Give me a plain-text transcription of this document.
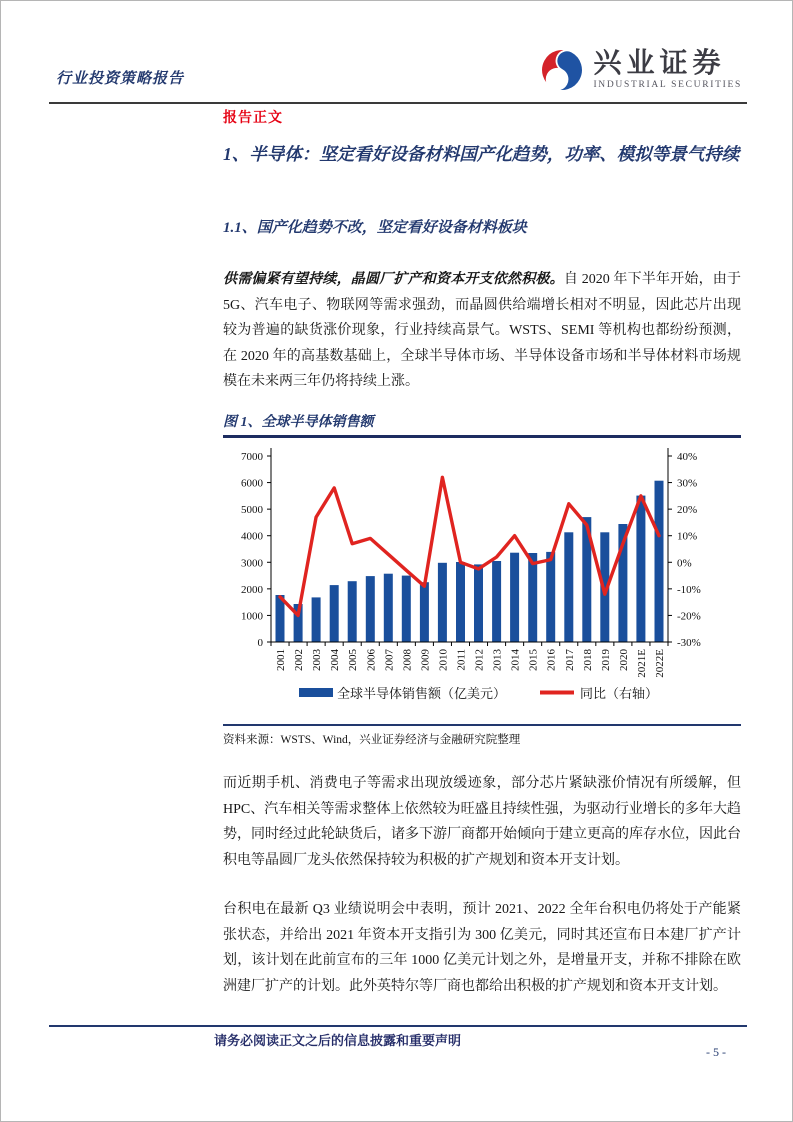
行业投资策略报告
兴业证券
INDUSTRIAL SECURITIES
报告正文
1、半导体：坚定看好设备材料国产化趋势，功率、模拟等景气持续
1.1、国产化趋势不改，坚定看好设备材料板块

供需偏紧有望持续，晶圆厂扩产和资本开支依然积极。自 2020 年下半年开始，由于 5G、汽车电子、物联网等需求强劲，而晶圆供给端增长相对不明显，因此芯片出现较为普遍的缺货涨价现象，行业持续高景气。WSTS、SEMI 等机构也都纷纷预测，在 2020 年的高基数基础上，全球半导体市场、半导体设备市场和半导体材料市场规模在未来两三年仍将持续上涨。

图 1、全球半导体销售额
0
1000
2000
3000
4000
5000
6000
7000
-30%
-20%
-10%
0%
10%
20%
30%
40%
2001 2002 2003 2004 2005 2006 2007 2008 2009 2010 2011 2012 2013 2014 2015 2016 2017 2018 2019 2020 2021E 2022E
全球半导体销售额（亿美元）	同比（右轴）
资料来源：WSTS、Wind，兴业证券经济与金融研究院整理

而近期手机、消费电子等需求出现放缓迹象，部分芯片紧缺涨价情况有所缓解，但 HPC、汽车相关等需求整体上依然较为旺盛且持续性强，为驱动行业增长的多年大趋势，同时经过此轮缺货后，诸多下游厂商都开始倾向于建立更高的库存水位，因此台积电等晶圆厂龙头依然保持较为积极的扩产规划和资本开支计划。

台积电在最新 Q3 业绩说明会中表明，预计 2021、2022 全年台积电仍将处于产能紧张状态，并给出 2021 年资本开支指引为 300 亿美元，同时其还宣布日本建厂扩产计划，该计划在此前宣布的三年 1000 亿美元计划之外，是增量开支，并称不排除在欧洲建厂扩产的计划。此外英特尔等厂商也都给出积极的扩产规划和资本开支计划。

请务必阅读正文之后的信息披露和重要声明
- 5 -
